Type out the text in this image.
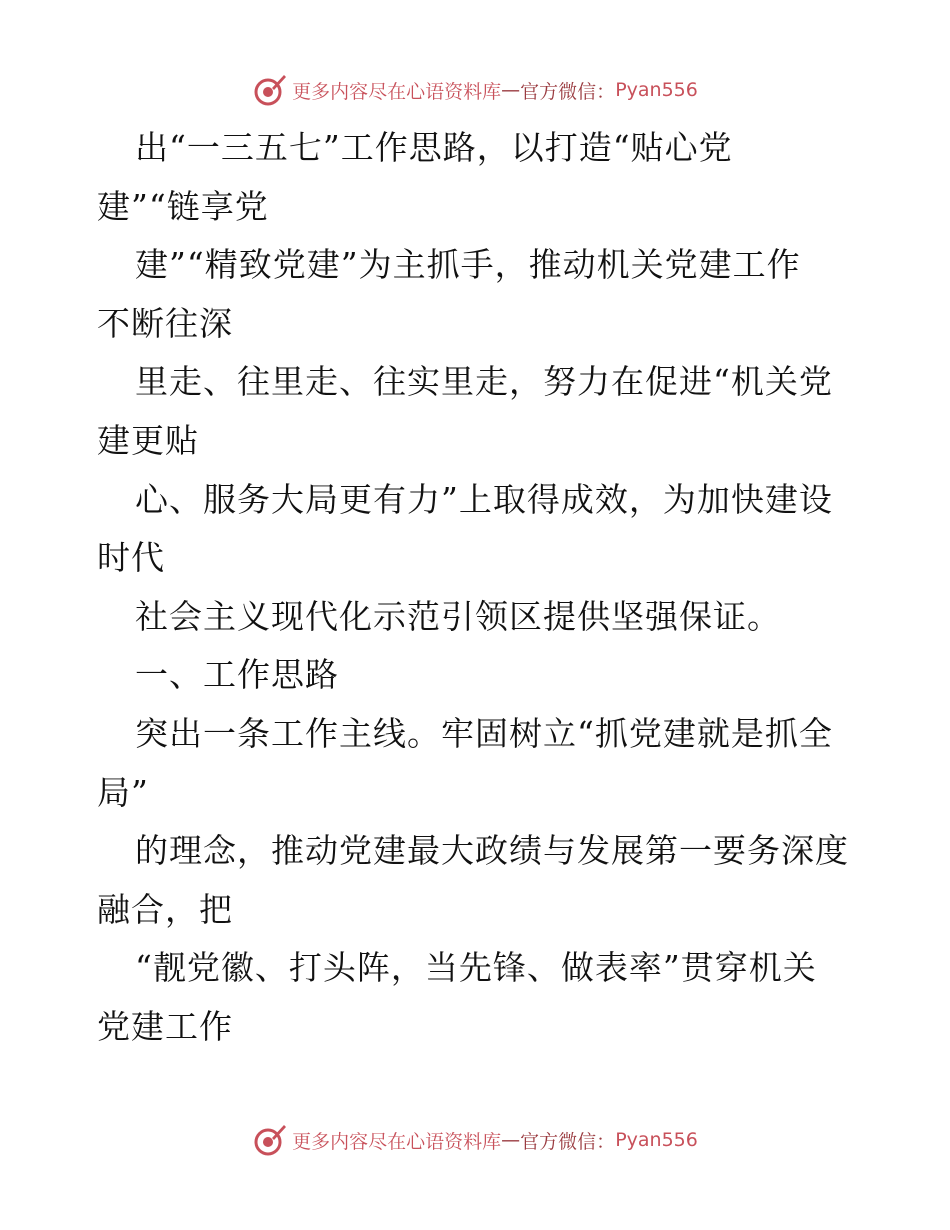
更多内容尽在心语资料库 — 官方微信： Pyan556
出“一三五七”工作思路，以打造“贴心党
建”“链享党
建”“精致党建”为主抓手，推动机关党建工作
不断往深
里走、往里走、往实里走，努力在促进“机关党
建更贴
心、服务大局更有力”上取得成效，为加快建设
时代
社会主义现代化示范引领区提供坚强保证。
一、工作思路
突出一条工作主线。牢固树立“抓党建就是抓全
局”
的理念，推动党建最大政绩与发展第一要务深度
融合，把
“靓党徽、打头阵，当先锋、做表率”贯穿机关
党建工作
更多内容尽在心语资料库 — 官方微信： Pyan556
